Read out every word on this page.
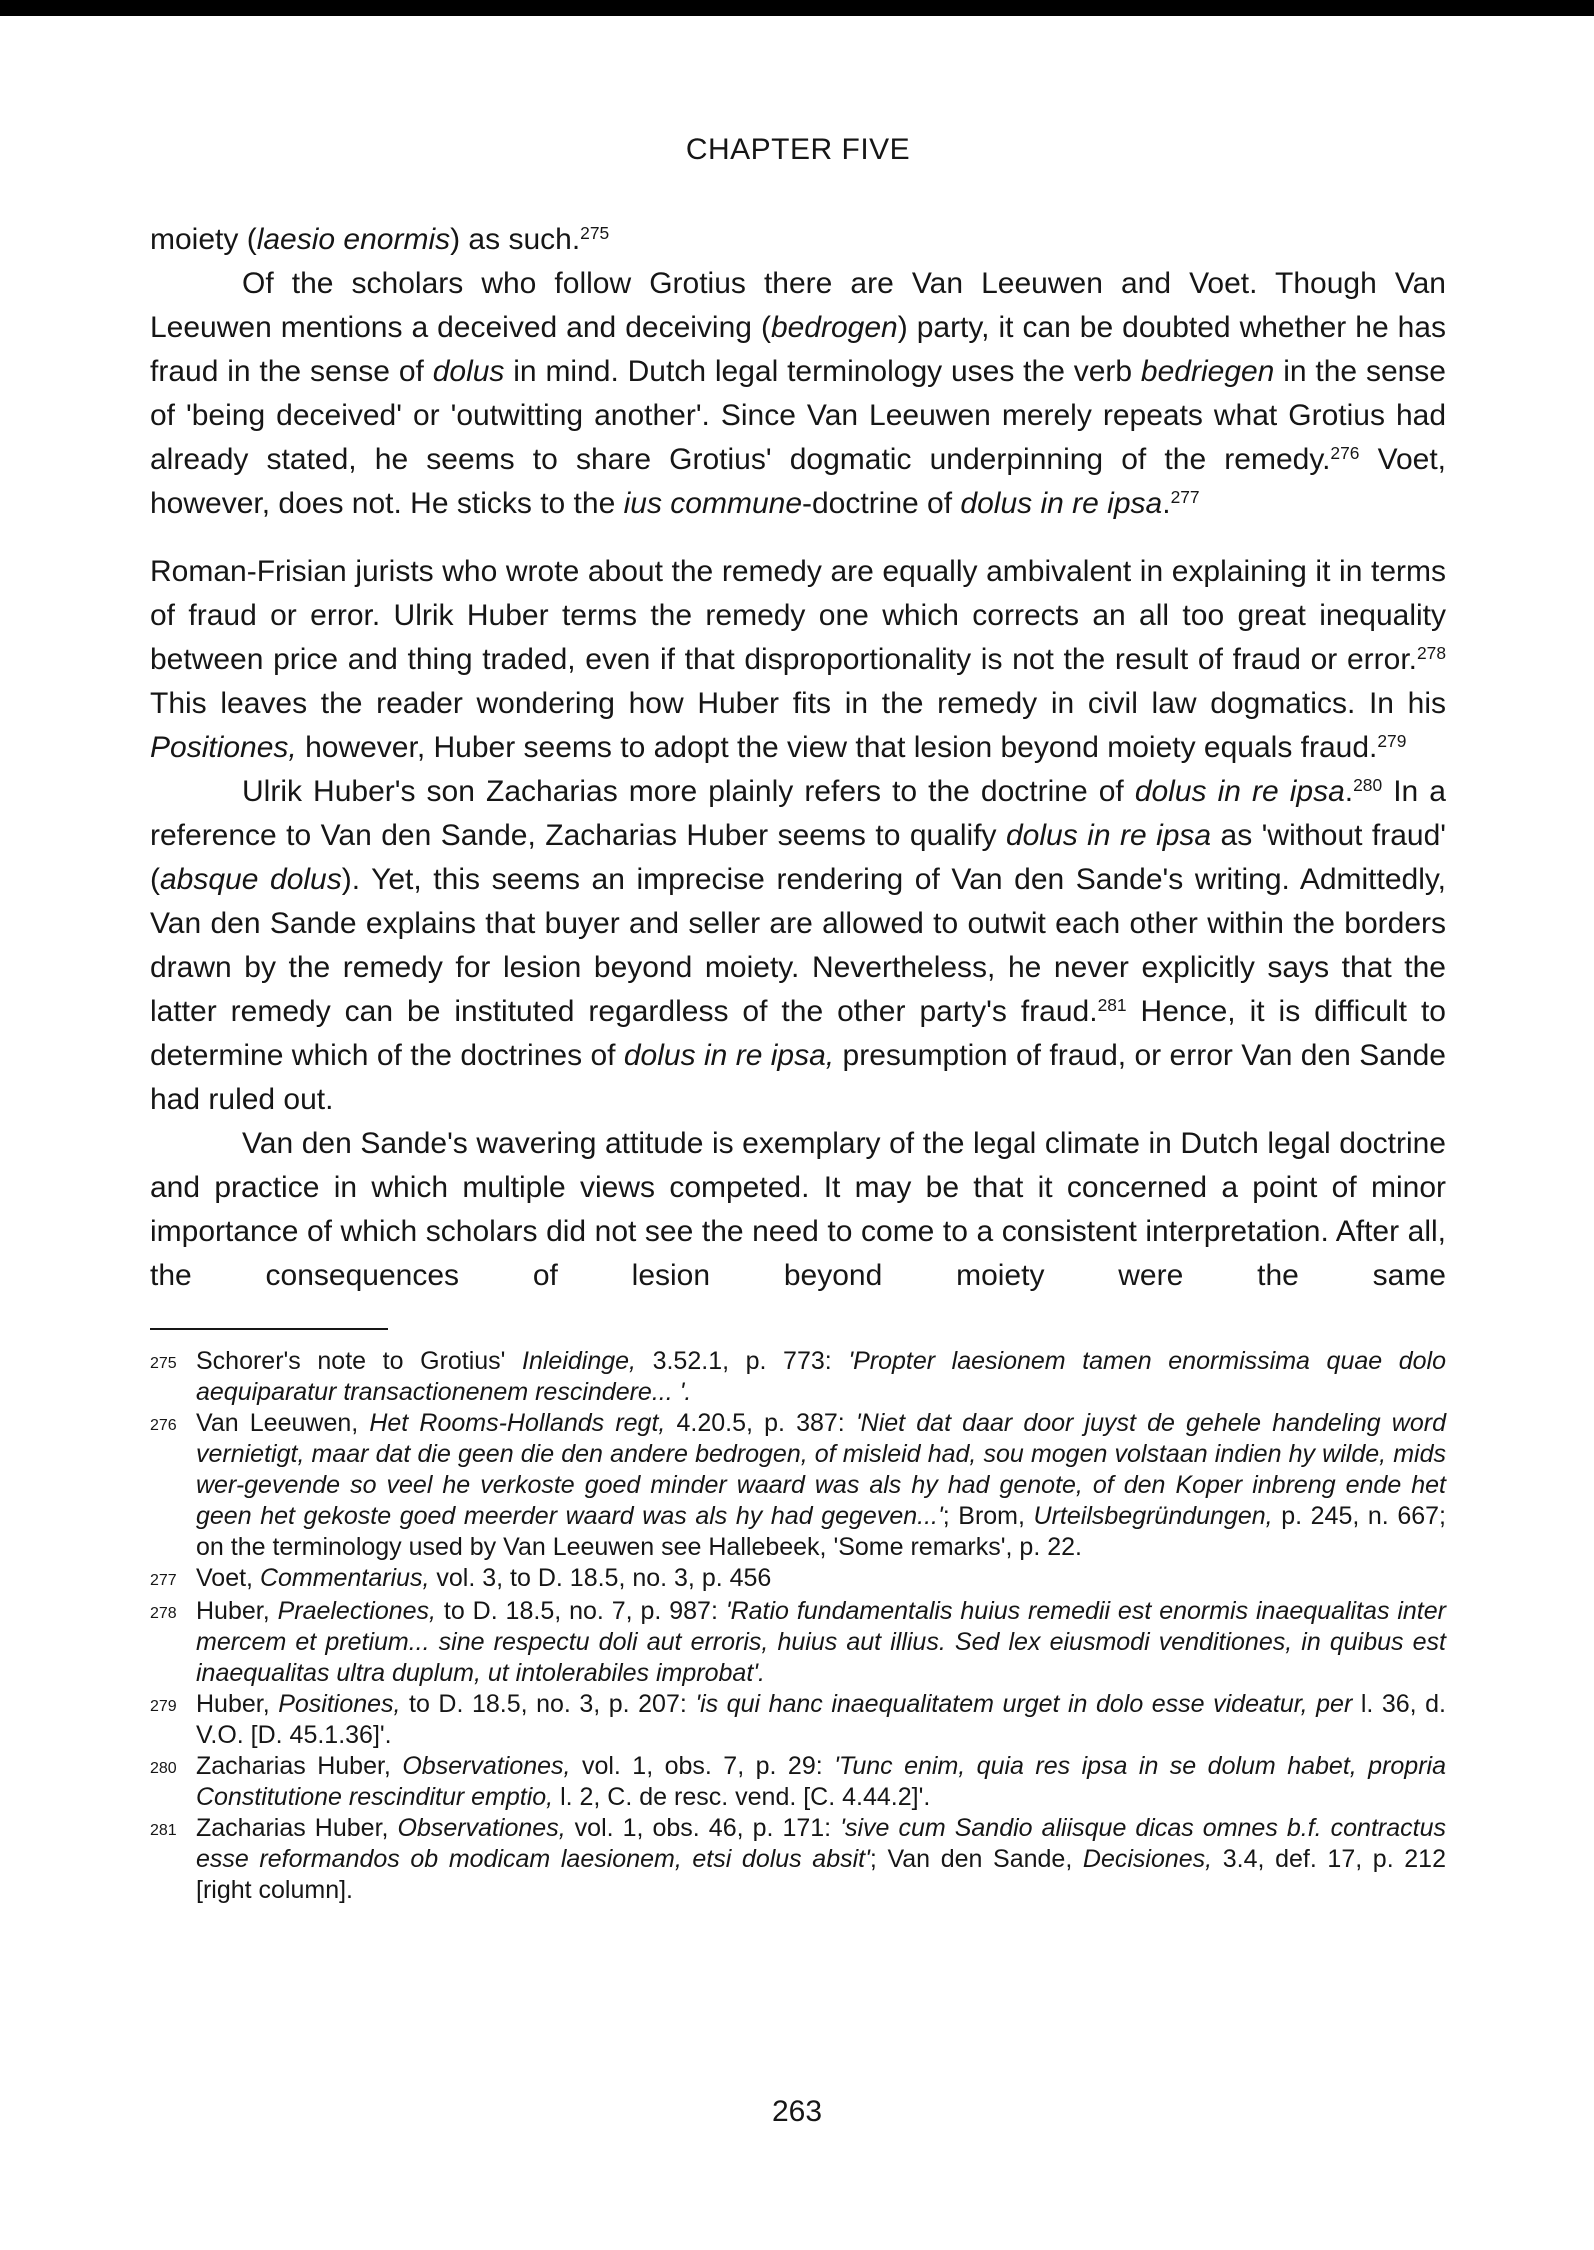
CHAPTER FIVE

moiety (laesio enormis) as such.$^{275}$

Of the scholars who follow Grotius there are Van Leeuwen and Voet. Though Van Leeuwen mentions a deceived and deceiving (bedrogen) party, it can be doubted whether he has fraud in the sense of dolus in mind. Dutch legal terminology uses the verb bedriegen in the sense of 'being deceived' or 'outwitting another'. Since Van Leeuwen merely repeats what Grotius had already stated, he seems to share Grotius' dogmatic underpinning of the remedy.$^{276}$ Voet, however, does not. He sticks to the ius commune-doctrine of dolus in re ipsa.$^{277}$

Roman-Frisian jurists who wrote about the remedy are equally ambivalent in explaining it in terms of fraud or error. Ulrik Huber terms the remedy one which corrects an all too great inequality between price and thing traded, even if that disproportionality is not the result of fraud or error.$^{278}$ This leaves the reader wondering how Huber fits in the remedy in civil law dogmatics. In his Positiones, however, Huber seems to adopt the view that lesion beyond moiety equals fraud.$^{279}$

Ulrik Huber's son Zacharias more plainly refers to the doctrine of dolus in re ipsa.$^{280}$ In a reference to Van den Sande, Zacharias Huber seems to qualify dolus in re ipsa as 'without fraud' (absque dolus). Yet, this seems an imprecise rendering of Van den Sande's writing. Admittedly, Van den Sande explains that buyer and seller are allowed to outwit each other within the borders drawn by the remedy for lesion beyond moiety. Nevertheless, he never explicitly says that the latter remedy can be instituted regardless of the other party's fraud.$^{281}$ Hence, it is difficult to determine which of the doctrines of dolus in re ipsa, presumption of fraud, or error Van den Sande had ruled out.

Van den Sande's wavering attitude is exemplary of the legal climate in Dutch legal doctrine and practice in which multiple views competed. It may be that it concerned a point of minor importance of which scholars did not see the need to come to a consistent interpretation. After all, the consequences of lesion beyond moiety were the same

275 Schorer's note to Grotius' Inleidinge, 3.52.1, p. 773: 'Propter laesionem tamen enormissima quae dolo aequiparatur transactionenem rescindere... '.
276 Van Leeuwen, Het Rooms-Hollands regt, 4.20.5, p. 387: 'Niet dat daar door juyst de gehele handeling word vernietigt, maar dat die geen die den andere bedrogen, of misleid had, sou mogen volstaan indien hy wilde, mids wer-gevende so veel he verkoste goed minder waard was als hy had genote, of den Koper inbreng ende het geen het gekoste goed meerder waard was als hy had gegeven...'; Brom, Urteilsbegründungen, p. 245, n. 667; on the terminology used by Van Leeuwen see Hallebeek, 'Some remarks', p. 22.
277 Voet, Commentarius, vol. 3, to D. 18.5, no. 3, p. 456
278 Huber, Praelectiones, to D. 18.5, no. 7, p. 987: 'Ratio fundamentalis huius remedii est enormis inaequalitas inter mercem et pretium... sine respectu doli aut erroris, huius aut illius. Sed lex eiusmodi venditiones, in quibus est inaequalitas ultra duplum, ut intolerabiles improbat'.
279 Huber, Positiones, to D. 18.5, no. 3, p. 207: 'is qui hanc inaequalitatem urget in dolo esse videatur, per l. 36, d. V.O. [D. 45.1.36]'.
280 Zacharias Huber, Observationes, vol. 1, obs. 7, p. 29: 'Tunc enim, quia res ipsa in se dolum habet, propria Constitutione rescinditur emptio, l. 2, C. de resc. vend. [C. 4.44.2]'.
281 Zacharias Huber, Observationes, vol. 1, obs. 46, p. 171: 'sive cum Sandio aliisque dicas omnes b.f. contractus esse reformandos ob modicam laesionem, etsi dolus absit'; Van den Sande, Decisiones, 3.4, def. 17, p. 212 [right column].
263
